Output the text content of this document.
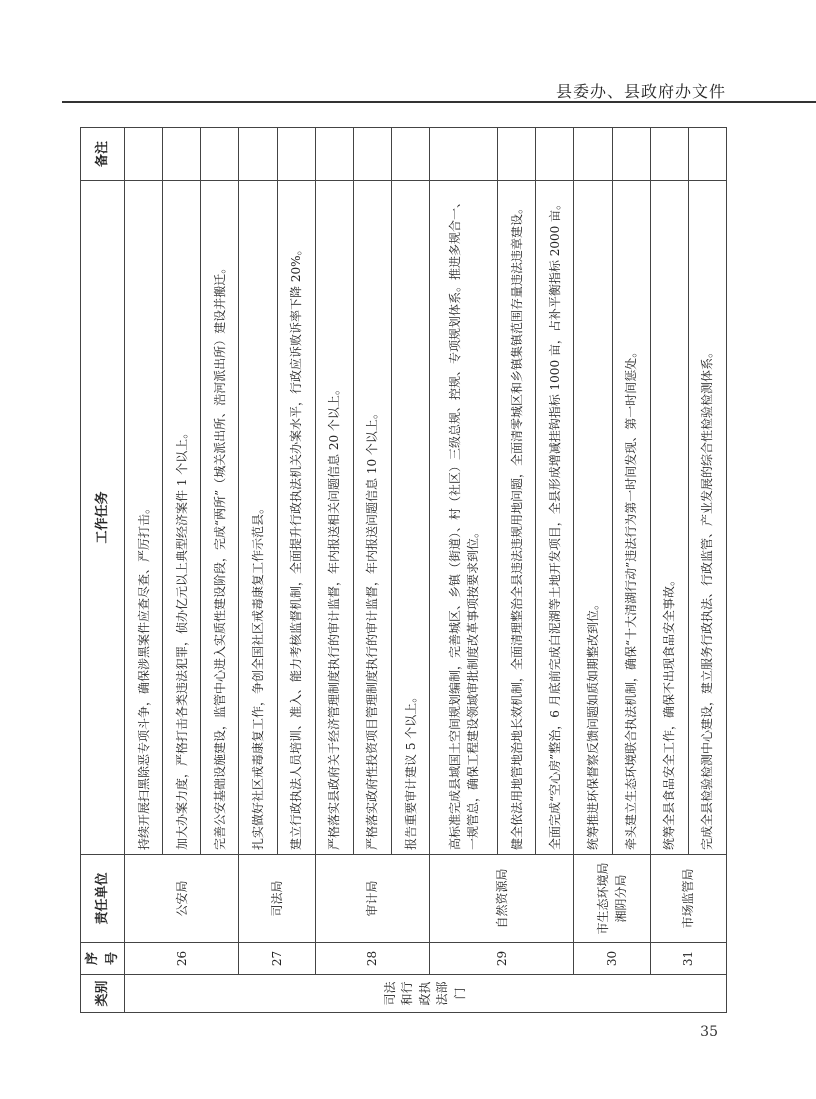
县委办、县政府办文件
类别	序号	责任单位	工作任务	备注
司法和行政执法部门	26	公安局	持续开展扫黑除恶专项斗争，确保涉黑案件应查尽查、严厉打击。	
			加大办案力度，严格打击各类违法犯罪，侦办亿元以上典型经济案件 1 个以上。	
			完善公安基础设施建设，监管中心进入实质性建设阶段，完成“两所”（城关派出所、浩河派出所）建设并搬迁。	
	27	司法局	扎实做好社区戒毒康复工作，争创全国社区戒毒康复工作示范县。	
			建立行政执法人员培训、准入、能力考核监督机制，全面提升行政执法机关办案水平，行政应诉败诉率下降 20%。	
	28	审计局	严格落实县政府关于经济管理制度执行的审计监督，年内报送相关问题信息 20 个以上。	
			严格落实政府性投资项目管理制度执行的审计监督，年内报送问题信息 10 个以上。	
			报告重要审计建议 5 个以上。	
	29	自然资源局	高标准完成县域国土空间规划编制，完善城区、乡镇（街道）、村（社区）三级总规、控规、专项规划体系。推进多规合一、一规管总，确保工程建设领域审批制度改革事项按要求到位。	
			健全依法用地管地治地长效机制，全面清理整治全县违法违规用地问题，全面清零城区和乡镇集镇范围存量违法违章建设。	
			全面完成“空心房”整治，6 月底前完成白泥湖等土地开发项目，全县形成增减挂钩指标 1000 亩，占补平衡指标 2000 亩。	
	30	市生态环境局湘阴分局	统筹推进环保督察反馈问题如质如期整改到位。	
			牵头建立生态环境联合执法机制，确保“十大清湖行动”违法行为第一时间发现、第一时间惩处。	
	31	市场监管局	统筹全县食品安全工作，确保不出现食品安全事故。	
			完成全县检验检测中心建设，建立服务行政执法、行政监管、产业发展的综合性检验检测体系。	
35
